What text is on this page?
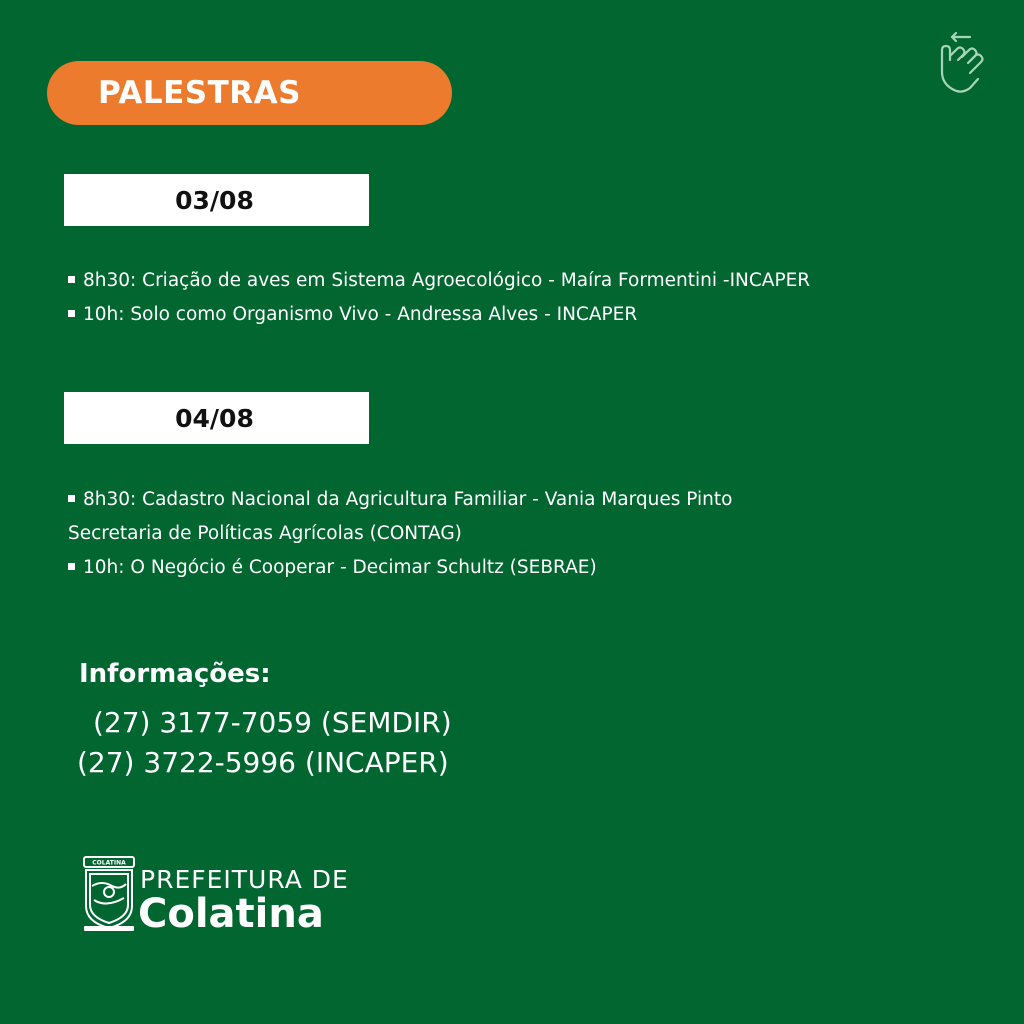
PALESTRAS
03/08
8h30: Criação de aves em Sistema Agroecológico - Maíra Formentini -INCAPER
10h: Solo como Organismo Vivo - Andressa Alves - INCAPER
04/08
8h30: Cadastro Nacional da Agricultura Familiar - Vania Marques Pinto
Secretaria de Políticas Agrícolas (CONTAG)
10h: O Negócio é Cooperar - Decimar Schultz (SEBRAE)
Informações:
(27) 3177-7059 (SEMDIR)
(27) 3722-5996 (INCAPER)
COLATINA
PREFEITURA DE
Colatina
